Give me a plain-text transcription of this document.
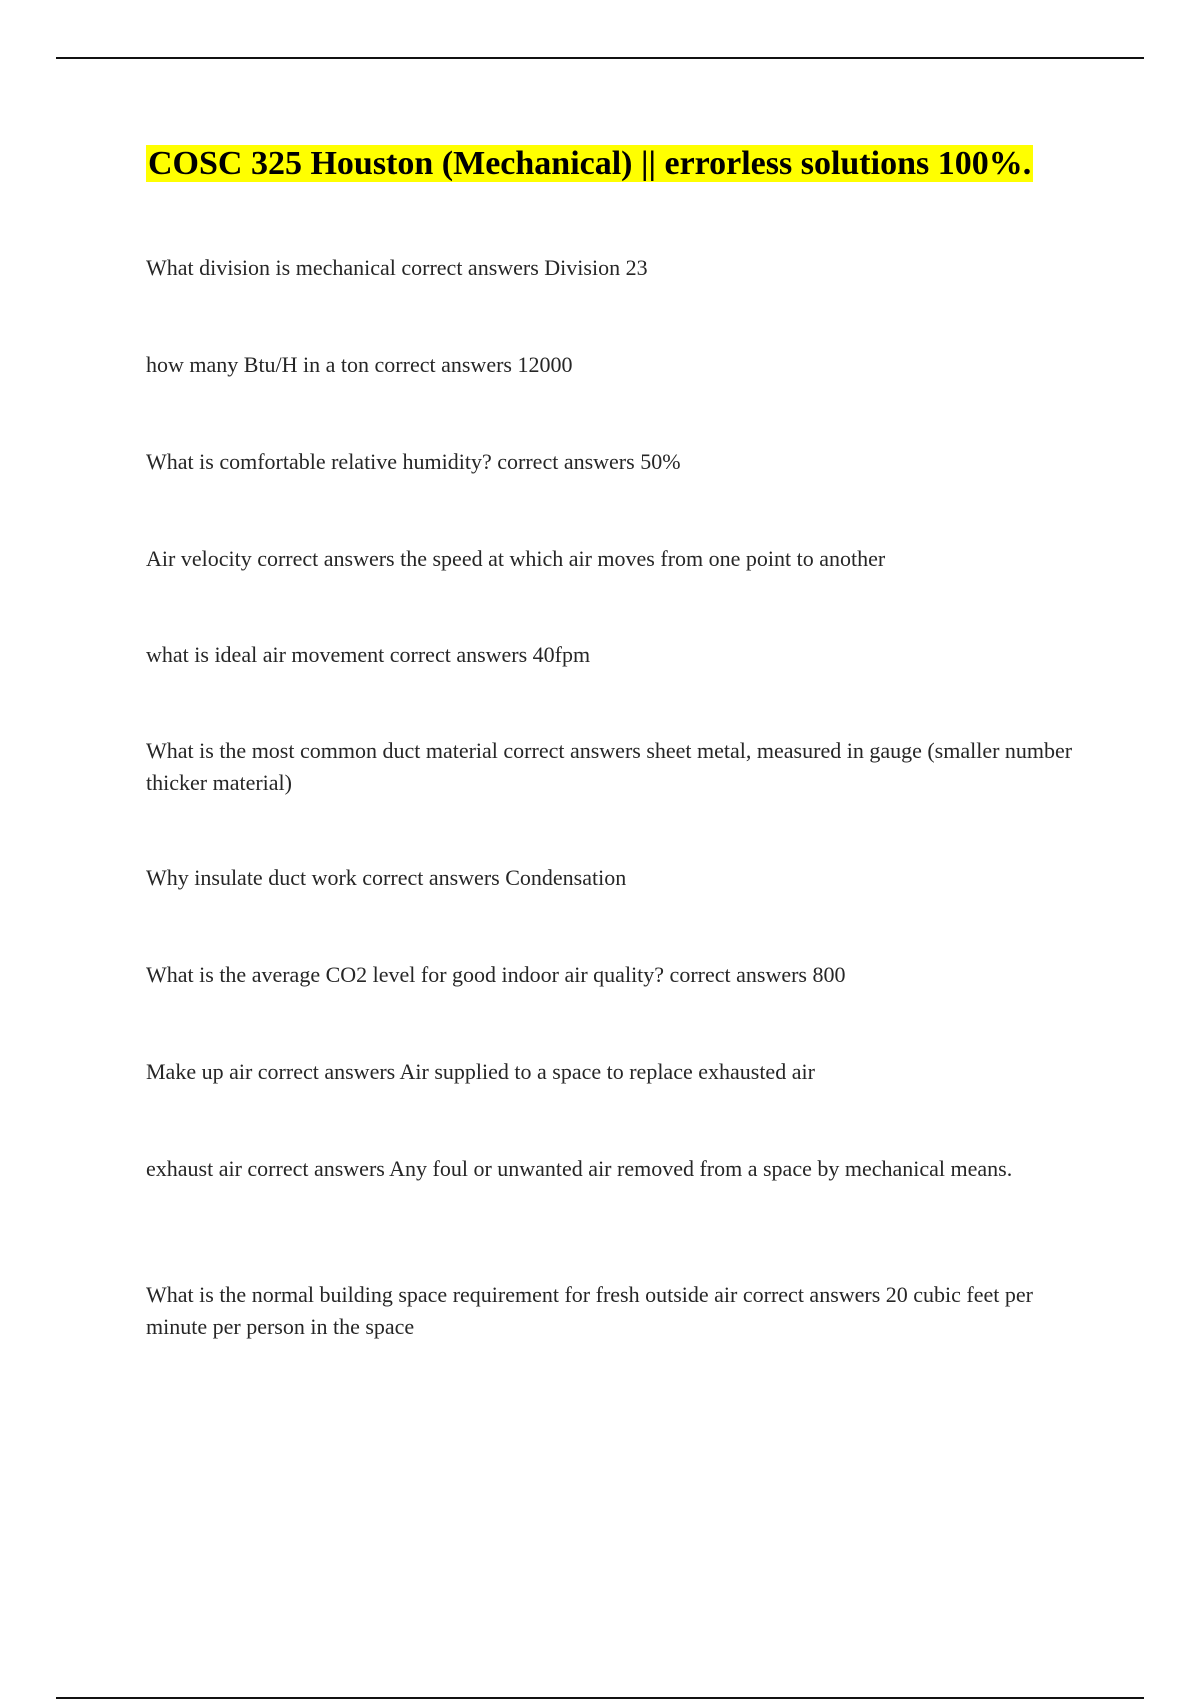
COSC 325 Houston (Mechanical) || errorless solutions 100%.
What division is mechanical correct answers Division 23
how many Btu/H in a ton correct answers 12000
What is comfortable relative humidity? correct answers 50%
Air velocity correct answers the speed at which air moves from one point to another
what is ideal air movement correct answers 40fpm
What is the most common duct material correct answers sheet metal, measured in gauge (smaller number thicker material)
Why insulate duct work correct answers Condensation
What is the average CO2 level for good indoor air quality? correct answers 800
Make up air correct answers Air supplied to a space to replace exhausted air
exhaust air correct answers Any foul or unwanted air removed from a space by mechanical means.
What is the normal building space requirement for fresh outside air correct answers 20 cubic feet per minute per person in the space
